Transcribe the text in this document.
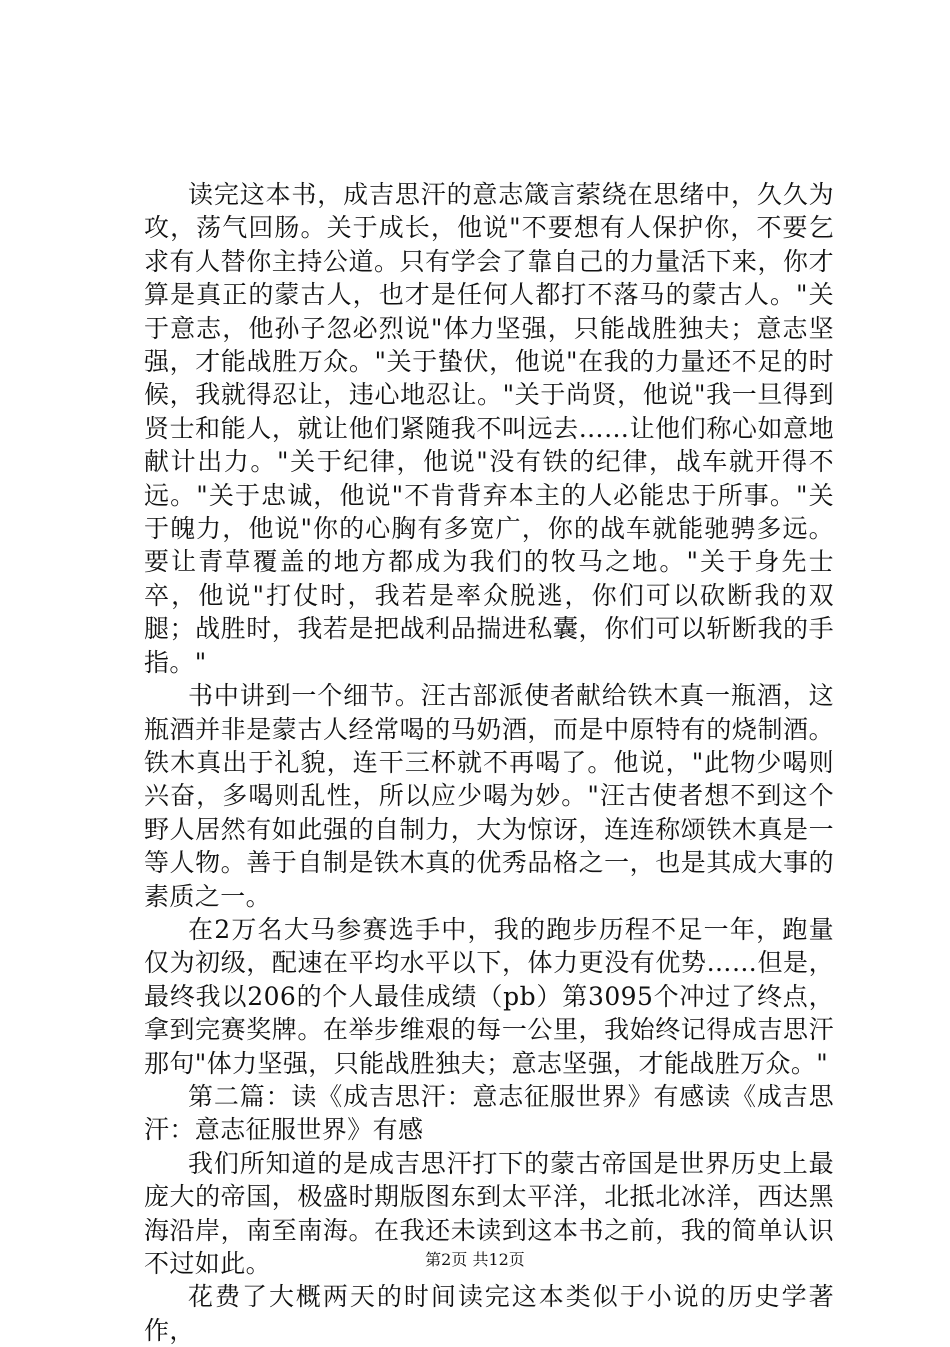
读完这本书，成吉思汗的意志箴言萦绕在思绪中，久久为攻，荡气回肠。关于成长，他说"不要想有人保护你，不要乞求有人替你主持公道。只有学会了靠自己的力量活下来，你才算是真正的蒙古人，也才是任何人都打不落马的蒙古人。"关于意志，他孙子忽必烈说"体力坚强，只能战胜独夫；意志坚强，才能战胜万众。"关于蛰伏，他说"在我的力量还不足的时候，我就得忍让，违心地忍让。"关于尚贤，他说"我一旦得到贤士和能人，就让他们紧随我不叫远去……让他们称心如意地献计出力。"关于纪律，他说"没有铁的纪律，战车就开得不远。"关于忠诚，他说"不肯背弃本主的人必能忠于所事。"关于魄力，他说"你的心胸有多宽广，你的战车就能驰骋多远。要让青草覆盖的地方都成为我们的牧马之地。"关于身先士卒，他说"打仗时，我若是率众脱逃，你们可以砍断我的双腿；战胜时，我若是把战利品揣进私囊，你们可以斩断我的手指。"

书中讲到一个细节。汪古部派使者献给铁木真一瓶酒，这瓶酒并非是蒙古人经常喝的马奶酒，而是中原特有的烧制酒。铁木真出于礼貌，连干三杯就不再喝了。他说，"此物少喝则兴奋，多喝则乱性，所以应少喝为妙。"汪古使者想不到这个野人居然有如此强的自制力，大为惊讶，连连称颂铁木真是一等人物。善于自制是铁木真的优秀品格之一，也是其成大事的素质之一。

在2万名大马参赛选手中，我的跑步历程不足一年，跑量仅为初级，配速在平均水平以下，体力更没有优势……但是，最终我以206的个人最佳成绩（pb）第3095个冲过了终点，拿到完赛奖牌。在举步维艰的每一公里，我始终记得成吉思汗那句"体力坚强，只能战胜独夫；意志坚强，才能战胜万众。"

第二篇：读《成吉思汗：意志征服世界》有感读《成吉思汗：意志征服世界》有感

我们所知道的是成吉思汗打下的蒙古帝国是世界历史上最庞大的帝国，极盛时期版图东到太平洋，北抵北冰洋，西达黑海沿岸，南至南海。在我还未读到这本书之前，我的简单认识不过如此。

花费了大概两天的时间读完这本类似于小说的历史学著作，

第2页 共12页
